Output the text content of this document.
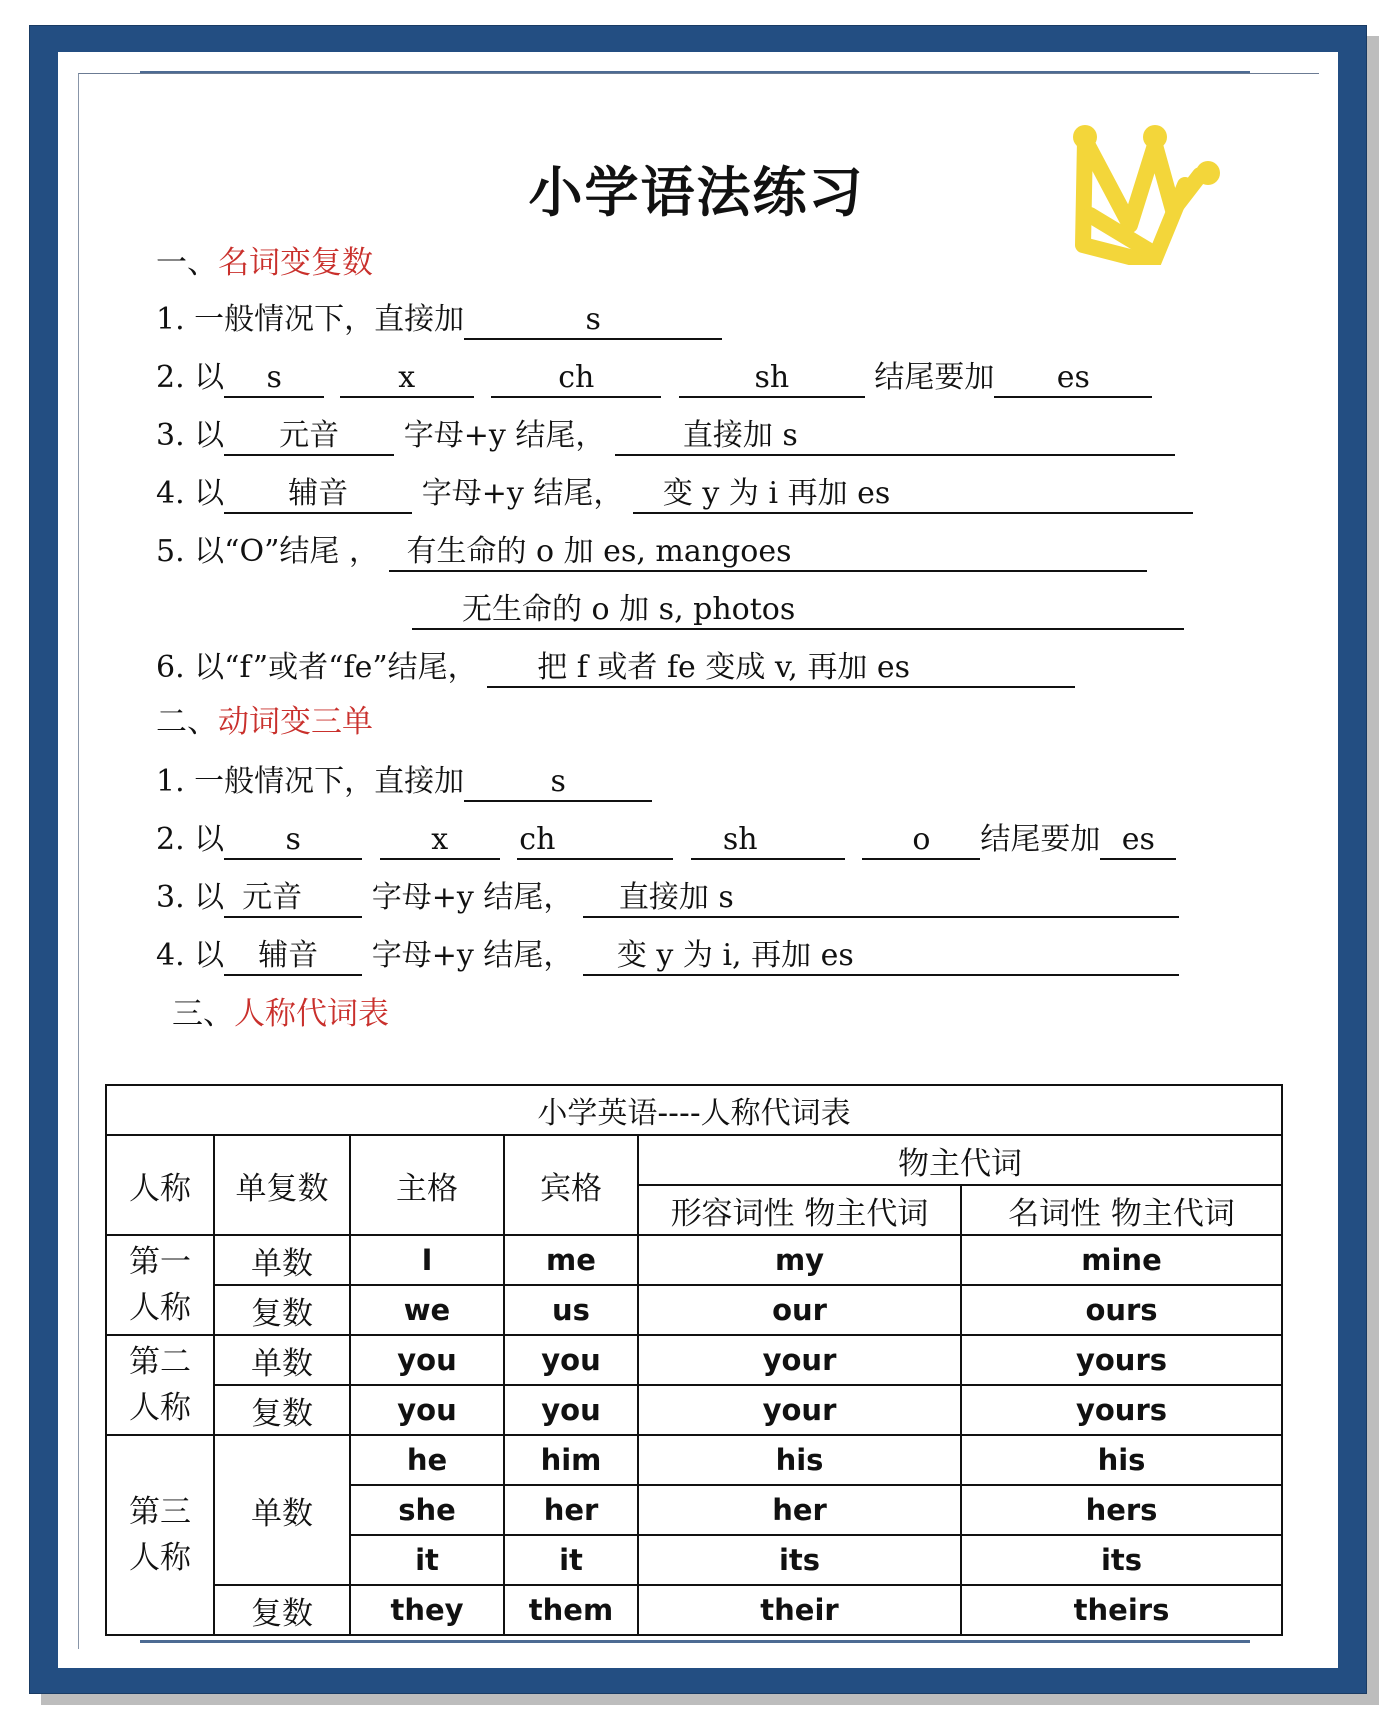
小学语法练习
一、名词变复数
1. 一般情况下，直接加	s
2. 以 s	x	ch	sh	结尾要加 es
3. 以 元音 字母+y 结尾，	直接加 s
4. 以 辅音 字母+y 结尾， 变 y 为 i 再加 es
5. 以“O”结尾 ， 有生命的 o 加 es, mangoes
无生命的 o 加 s, photos
6. 以“f”或者“fe”结尾， 把 f 或者 fe 变成 v, 再加 es
二、动词变三单
1. 一般情况下，直接加	s
2. 以 s	x ch	sh	o 结尾要加 es
3. 以 元音 字母+y 结尾， 直接加 s
4. 以 辅音 字母+y 结尾， 变 y 为 i, 再加 es
三、人称代词表
小学英语----人称代词表					
人称	单复数	主格	宾格	物主代词	
				形容词性 物主代词	名词性 物主代词
第一人称	单数	I	me	my	mine
	复数	we	us	our	ours
第二人称	单数	you	you	your	yours
	复数	you	you	your	yours
第三人称	单数	he	him	his	his
		she	her	her	hers
		it	it	its	its
	复数	they	them	their	theirs
